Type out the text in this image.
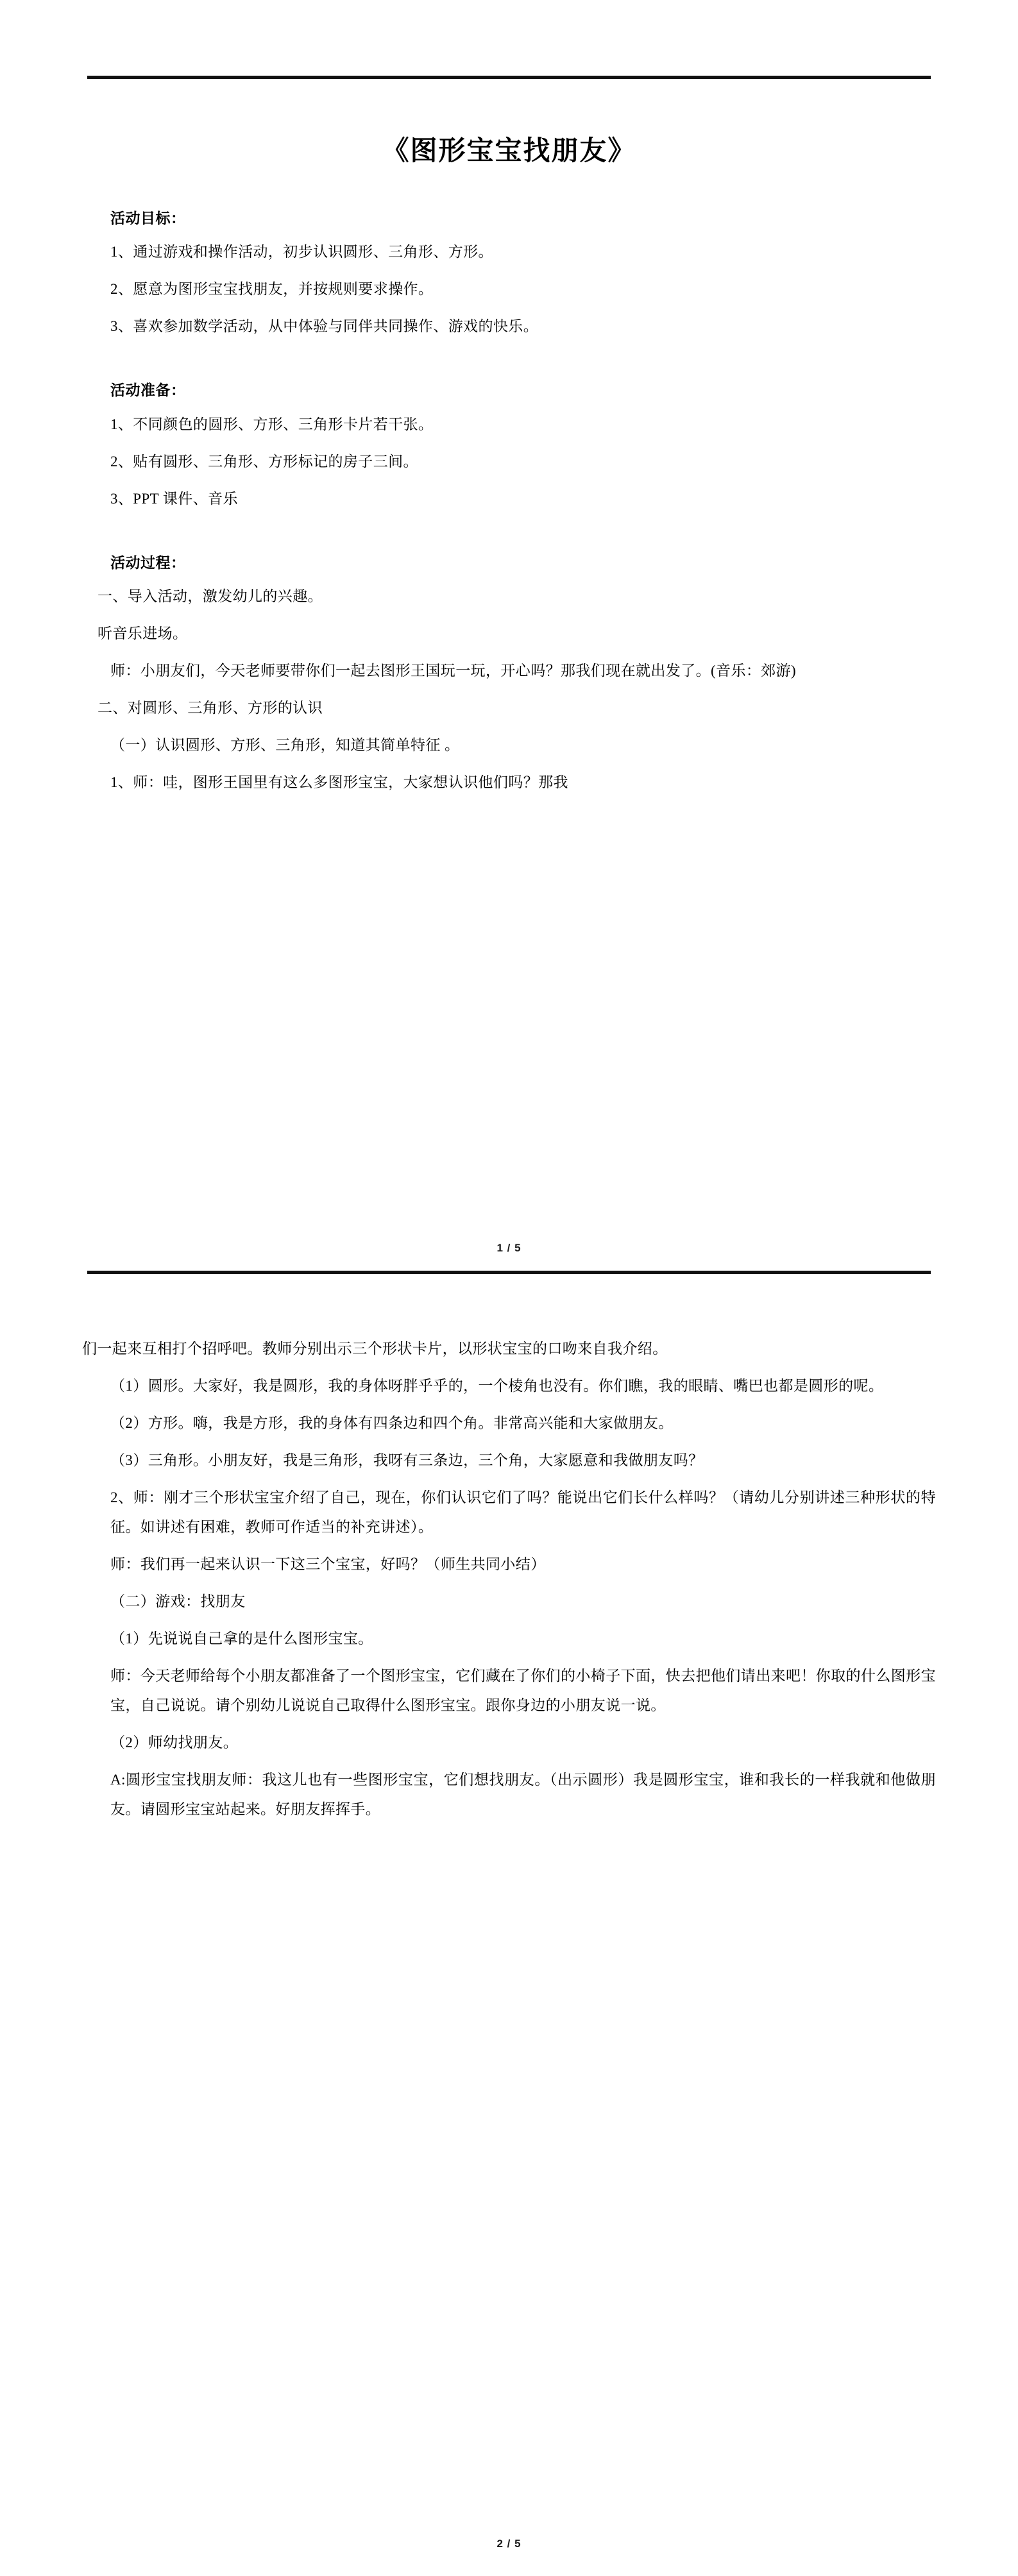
《图形宝宝找朋友》
活动目标：

1、通过游戏和操作活动，初步认识圆形、三角形、方形。

2、愿意为图形宝宝找朋友，并按规则要求操作。

3、喜欢参加数学活动，从中体验与同伴共同操作、游戏的快乐。

活动准备：

1、不同颜色的圆形、方形、三角形卡片若干张。

2、贴有圆形、三角形、方形标记的房子三间。

3、PPT 课件、音乐

活动过程：

一、导入活动，激发幼儿的兴趣。

听音乐进场。

师：小朋友们，今天老师要带你们一起去图形王国玩一玩，开心吗？那我们现在就出发了。(音乐：郊游)

二、对圆形、三角形、方形的认识

（一）认识圆形、方形、三角形，知道其简单特征 。

1、师：哇，图形王国里有这么多图形宝宝，大家想认识他们吗？那我

1 / 5

们一起来互相打个招呼吧。教师分别出示三个形状卡片，以形状宝宝的口吻来自我介绍。

（1）圆形。大家好，我是圆形，我的身体呀胖乎乎的，一个棱角也没有。你们瞧，我的眼睛、嘴巴也都是圆形的呢。

（2）方形。嗨，我是方形，我的身体有四条边和四个角。非常高兴能和大家做朋友。

（3）三角形。小朋友好，我是三角形，我呀有三条边，三个角，大家愿意和我做朋友吗？

2、师：刚才三个形状宝宝介绍了自己，现在，你们认识它们了吗？能说出它们长什么样吗？（请幼儿分别讲述三种形状的特征。如讲述有困难，教师可作适当的补充讲述）。

师：我们再一起来认识一下这三个宝宝，好吗？（师生共同小结）

（二）游戏：找朋友

（1）先说说自己拿的是什么图形宝宝。

师：今天老师给每个小朋友都准备了一个图形宝宝，它们藏在了你们的小椅子下面，快去把他们请出来吧！你取的什么图形宝宝，自己说说。请个别幼儿说说自己取得什么图形宝宝。跟你身边的小朋友说一说。

（2）师幼找朋友。

A:圆形宝宝找朋友师：我这儿也有一些图形宝宝，它们想找朋友。（出示圆形）我是圆形宝宝，谁和我长的一样我就和他做朋友。请圆形宝宝站起来。好朋友挥挥手。

2 / 5
